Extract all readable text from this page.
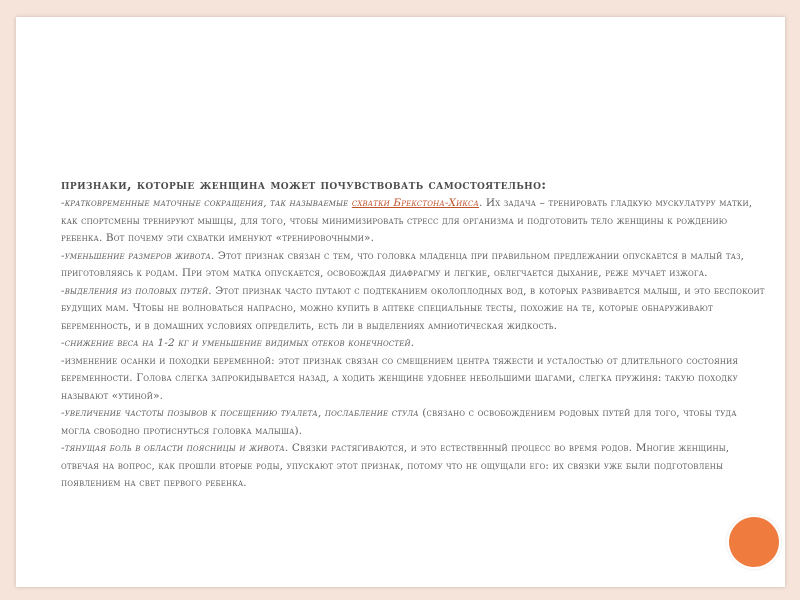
признаки, которые женщина может почувствовать самостоятельно:

-кратковременные маточные сокращения, так называемые схватки Брекстона-Хикса. Их задача – тренировать гладкую мускулатуру матки, как спортсмены тренируют мышцы, для того, чтобы минимизировать стресс для организма и подготовить тело женщины к рождению ребенка. Вот почему эти схватки именуют «тренировочными».

-уменьшение размеров живота. Этот признак связан с тем, что головка младенца при правильном предлежании опускается в малый таз, приготовляясь к родам. При этом матка опускается, освобождая диафрагму и легкие, облегчается дыхание, реже мучает изжога.

-выделения из половых путей. Этот признак часто путают с подтеканием околоплодных вод, в которых развивается малыш, и это беспокоит будущих мам. Чтобы не волноваться напрасно, можно купить в аптеке специальные тесты, похожие на те, которые обнаруживают беременность, и в домашних условиях определить, есть ли в выделениях амниотическая жидкость.

-снижение веса на 1-2 кг и уменьшение видимых отеков конечностей.

-изменение осанки и походки беременной: этот признак связан со смещением центра тяжести и усталостью от длительного состояния беременности. Голова слегка запрокидывается назад, а ходить женщине удобнее небольшими шагами, слегка пружиня: такую походку называют «утиной».

-увеличение частоты позывов к посещению туалета, послабление стула (связано с освобождением родовых путей для того, чтобы туда могла свободно протиснуться головка малыша).

-тянущая боль в области поясницы и живота. Связки растягиваются, и это естественный процесс во время родов. Многие женщины, отвечая на вопрос, как прошли вторые роды, упускают этот признак, потому что не ощущали его: их связки уже были подготовлены появлением на свет первого ребенка.
